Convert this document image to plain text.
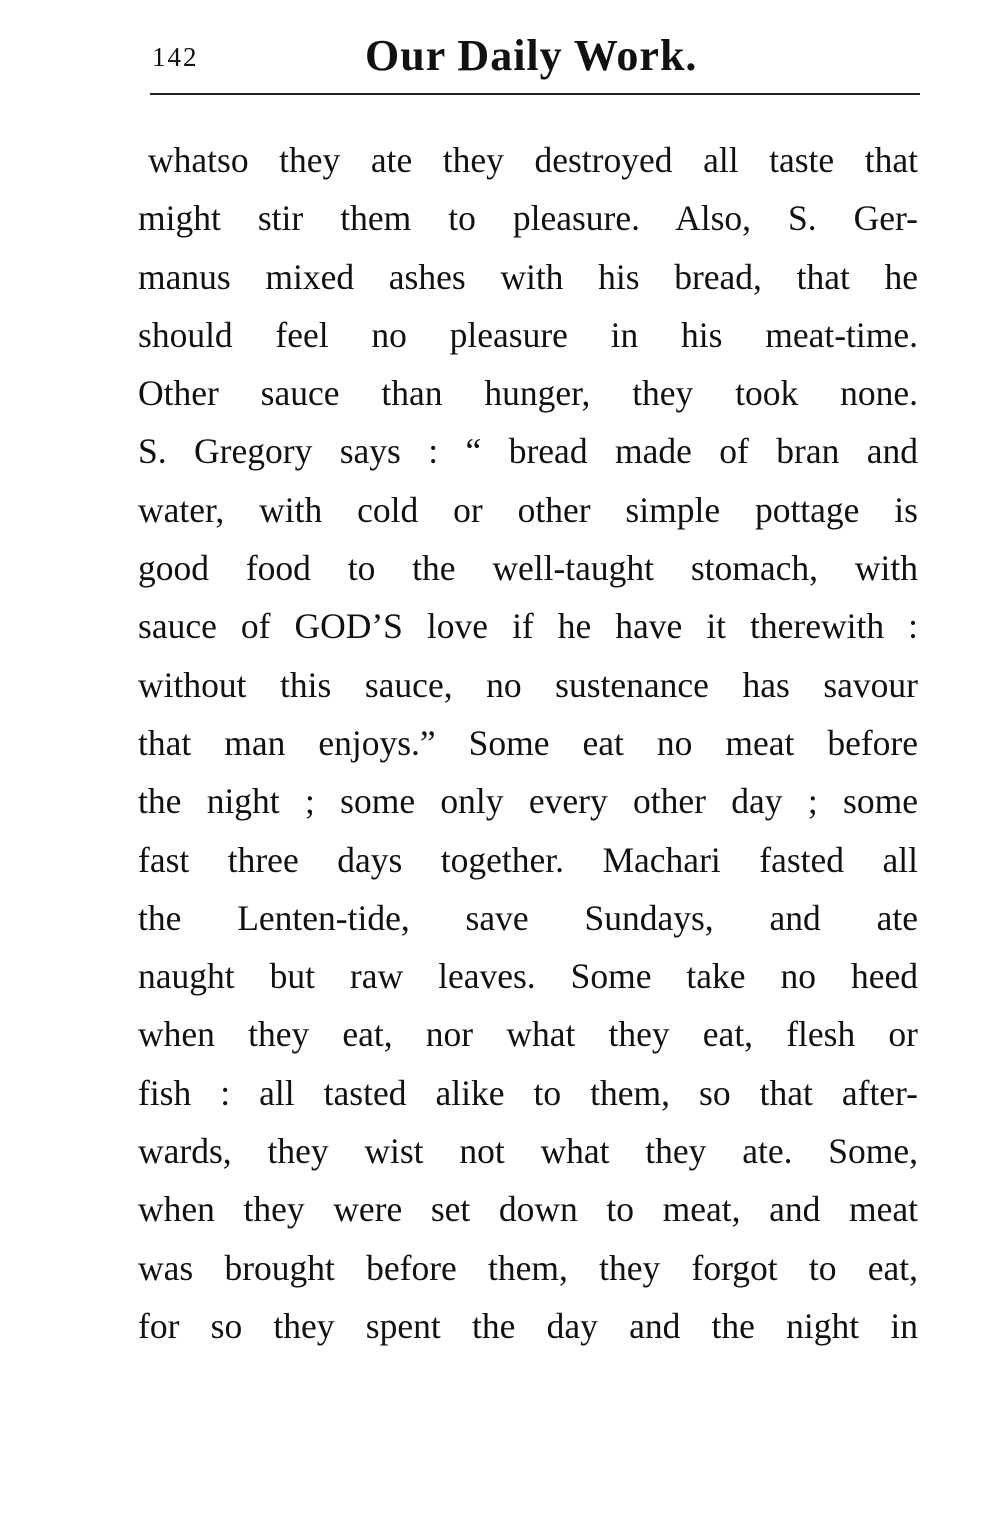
142	Our Daily Work.
whatso they ate they destroyed all taste that
might stir them to pleasure. Also, S. Ger-
manus mixed ashes with his bread, that he
should feel no pleasure in his meat-time.
Other sauce than hunger, they took none.
S. Gregory says : “ bread made of bran and
water, with cold or other simple pottage is
good food to the well-taught stomach, with
sauce of GOD’S love if he have it therewith :
without this sauce, no sustenance has savour
that man enjoys.” Some eat no meat before
the night ; some only every other day ; some
fast three days together. Machari fasted all
the Lenten-tide, save Sundays, and ate
naught but raw leaves. Some take no heed
when they eat, nor what they eat, flesh or
fish : all tasted alike to them, so that after-
wards, they wist not what they ate. Some,
when they were set down to meat, and meat
was brought before them, they forgot to eat,
for so they spent the day and the night in
